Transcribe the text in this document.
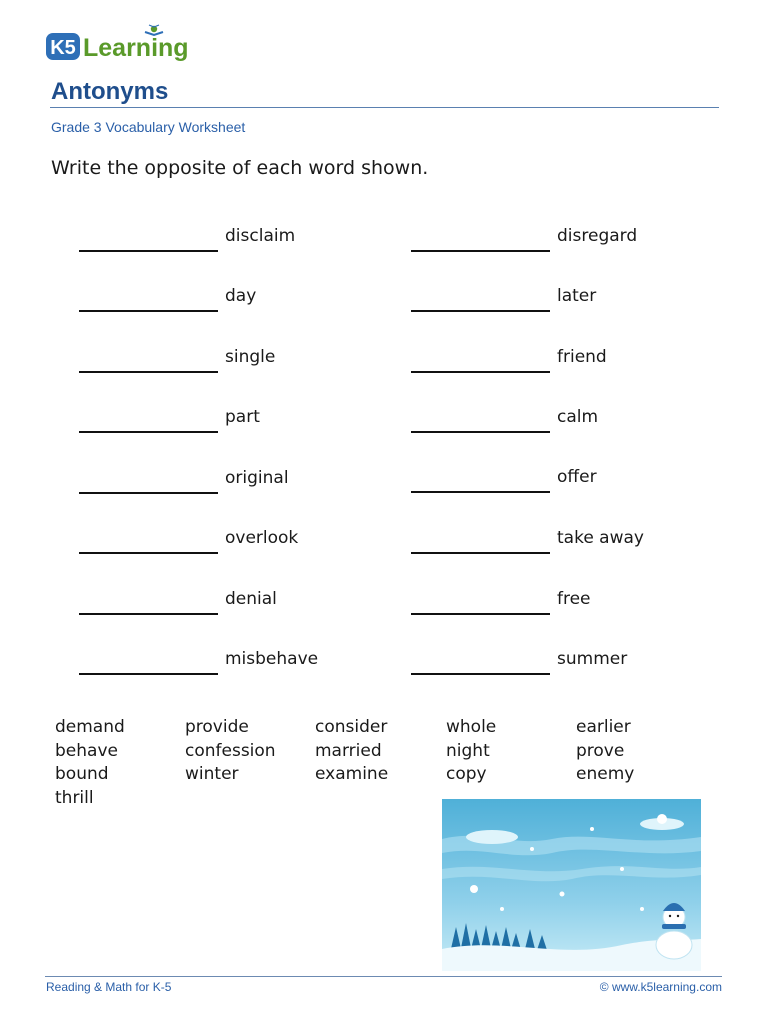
K5 Learning
Antonyms
Grade 3 Vocabulary Worksheet
Write the opposite of each word shown.
disclaim
day
single
part
original
overlook
denial
misbehave
disregard
later
friend
calm
offer
take away
free
summer
demand
behave
bound
thrill
provide
confession
winter
consider
married
examine
whole
night
copy
earlier
prove
enemy
Reading & Math for K-5	© www.k5learning.com
